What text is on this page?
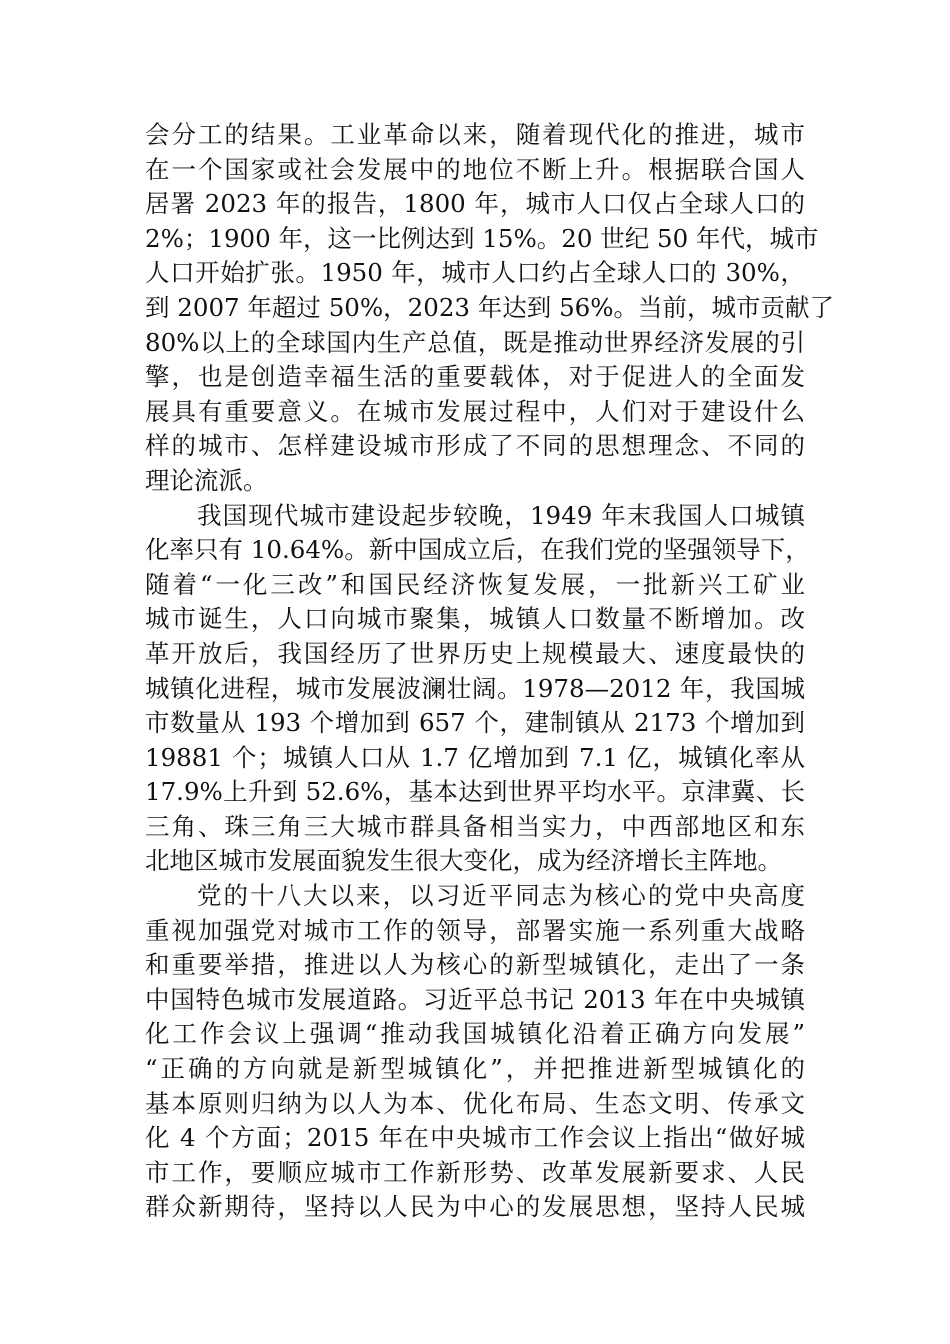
会分工的结果。工业革命以来，随着现代化的推进，城市
在一个国家或社会发展中的地位不断上升。根据联合国人
居署 2023 年的报告，1800 年，城市人口仅占全球人口的
2%；1900 年，这一比例达到 15%。20 世纪 50 年代，城市
人口开始扩张。1950 年，城市人口约占全球人口的 30%，
到 2007 年超过 50%，2023 年达到 56%。当前，城市贡献了
80%以上的全球国内生产总值，既是推动世界经济发展的引
擎，也是创造幸福生活的重要载体，对于促进人的全面发
展具有重要意义。在城市发展过程中，人们对于建设什么
样的城市、怎样建设城市形成了不同的思想理念、不同的
理论流派。
我国现代城市建设起步较晚，1949 年末我国人口城镇
化率只有 10.64%。新中国成立后，在我们党的坚强领导下，
随着“一化三改”和国民经济恢复发展，一批新兴工矿业
城市诞生，人口向城市聚集，城镇人口数量不断增加。改
革开放后，我国经历了世界历史上规模最大、速度最快的
城镇化进程，城市发展波澜壮阔。1978—2012 年，我国城
市数量从 193 个增加到 657 个，建制镇从 2173 个增加到
19881 个；城镇人口从 1.7 亿增加到 7.1 亿，城镇化率从
17.9%上升到 52.6%，基本达到世界平均水平。京津冀、长
三角、珠三角三大城市群具备相当实力，中西部地区和东
北地区城市发展面貌发生很大变化，成为经济增长主阵地。
党的十八大以来，以习近平同志为核心的党中央高度
重视加强党对城市工作的领导，部署实施一系列重大战略
和重要举措，推进以人为核心的新型城镇化，走出了一条
中国特色城市发展道路。习近平总书记 2013 年在中央城镇
化工作会议上强调“推动我国城镇化沿着正确方向发展”
“正确的方向就是新型城镇化”，并把推进新型城镇化的
基本原则归纳为以人为本、优化布局、生态文明、传承文
化 4 个方面；2015 年在中央城市工作会议上指出“做好城
市工作，要顺应城市工作新形势、改革发展新要求、人民
群众新期待，坚持以人民为中心的发展思想，坚持人民城
